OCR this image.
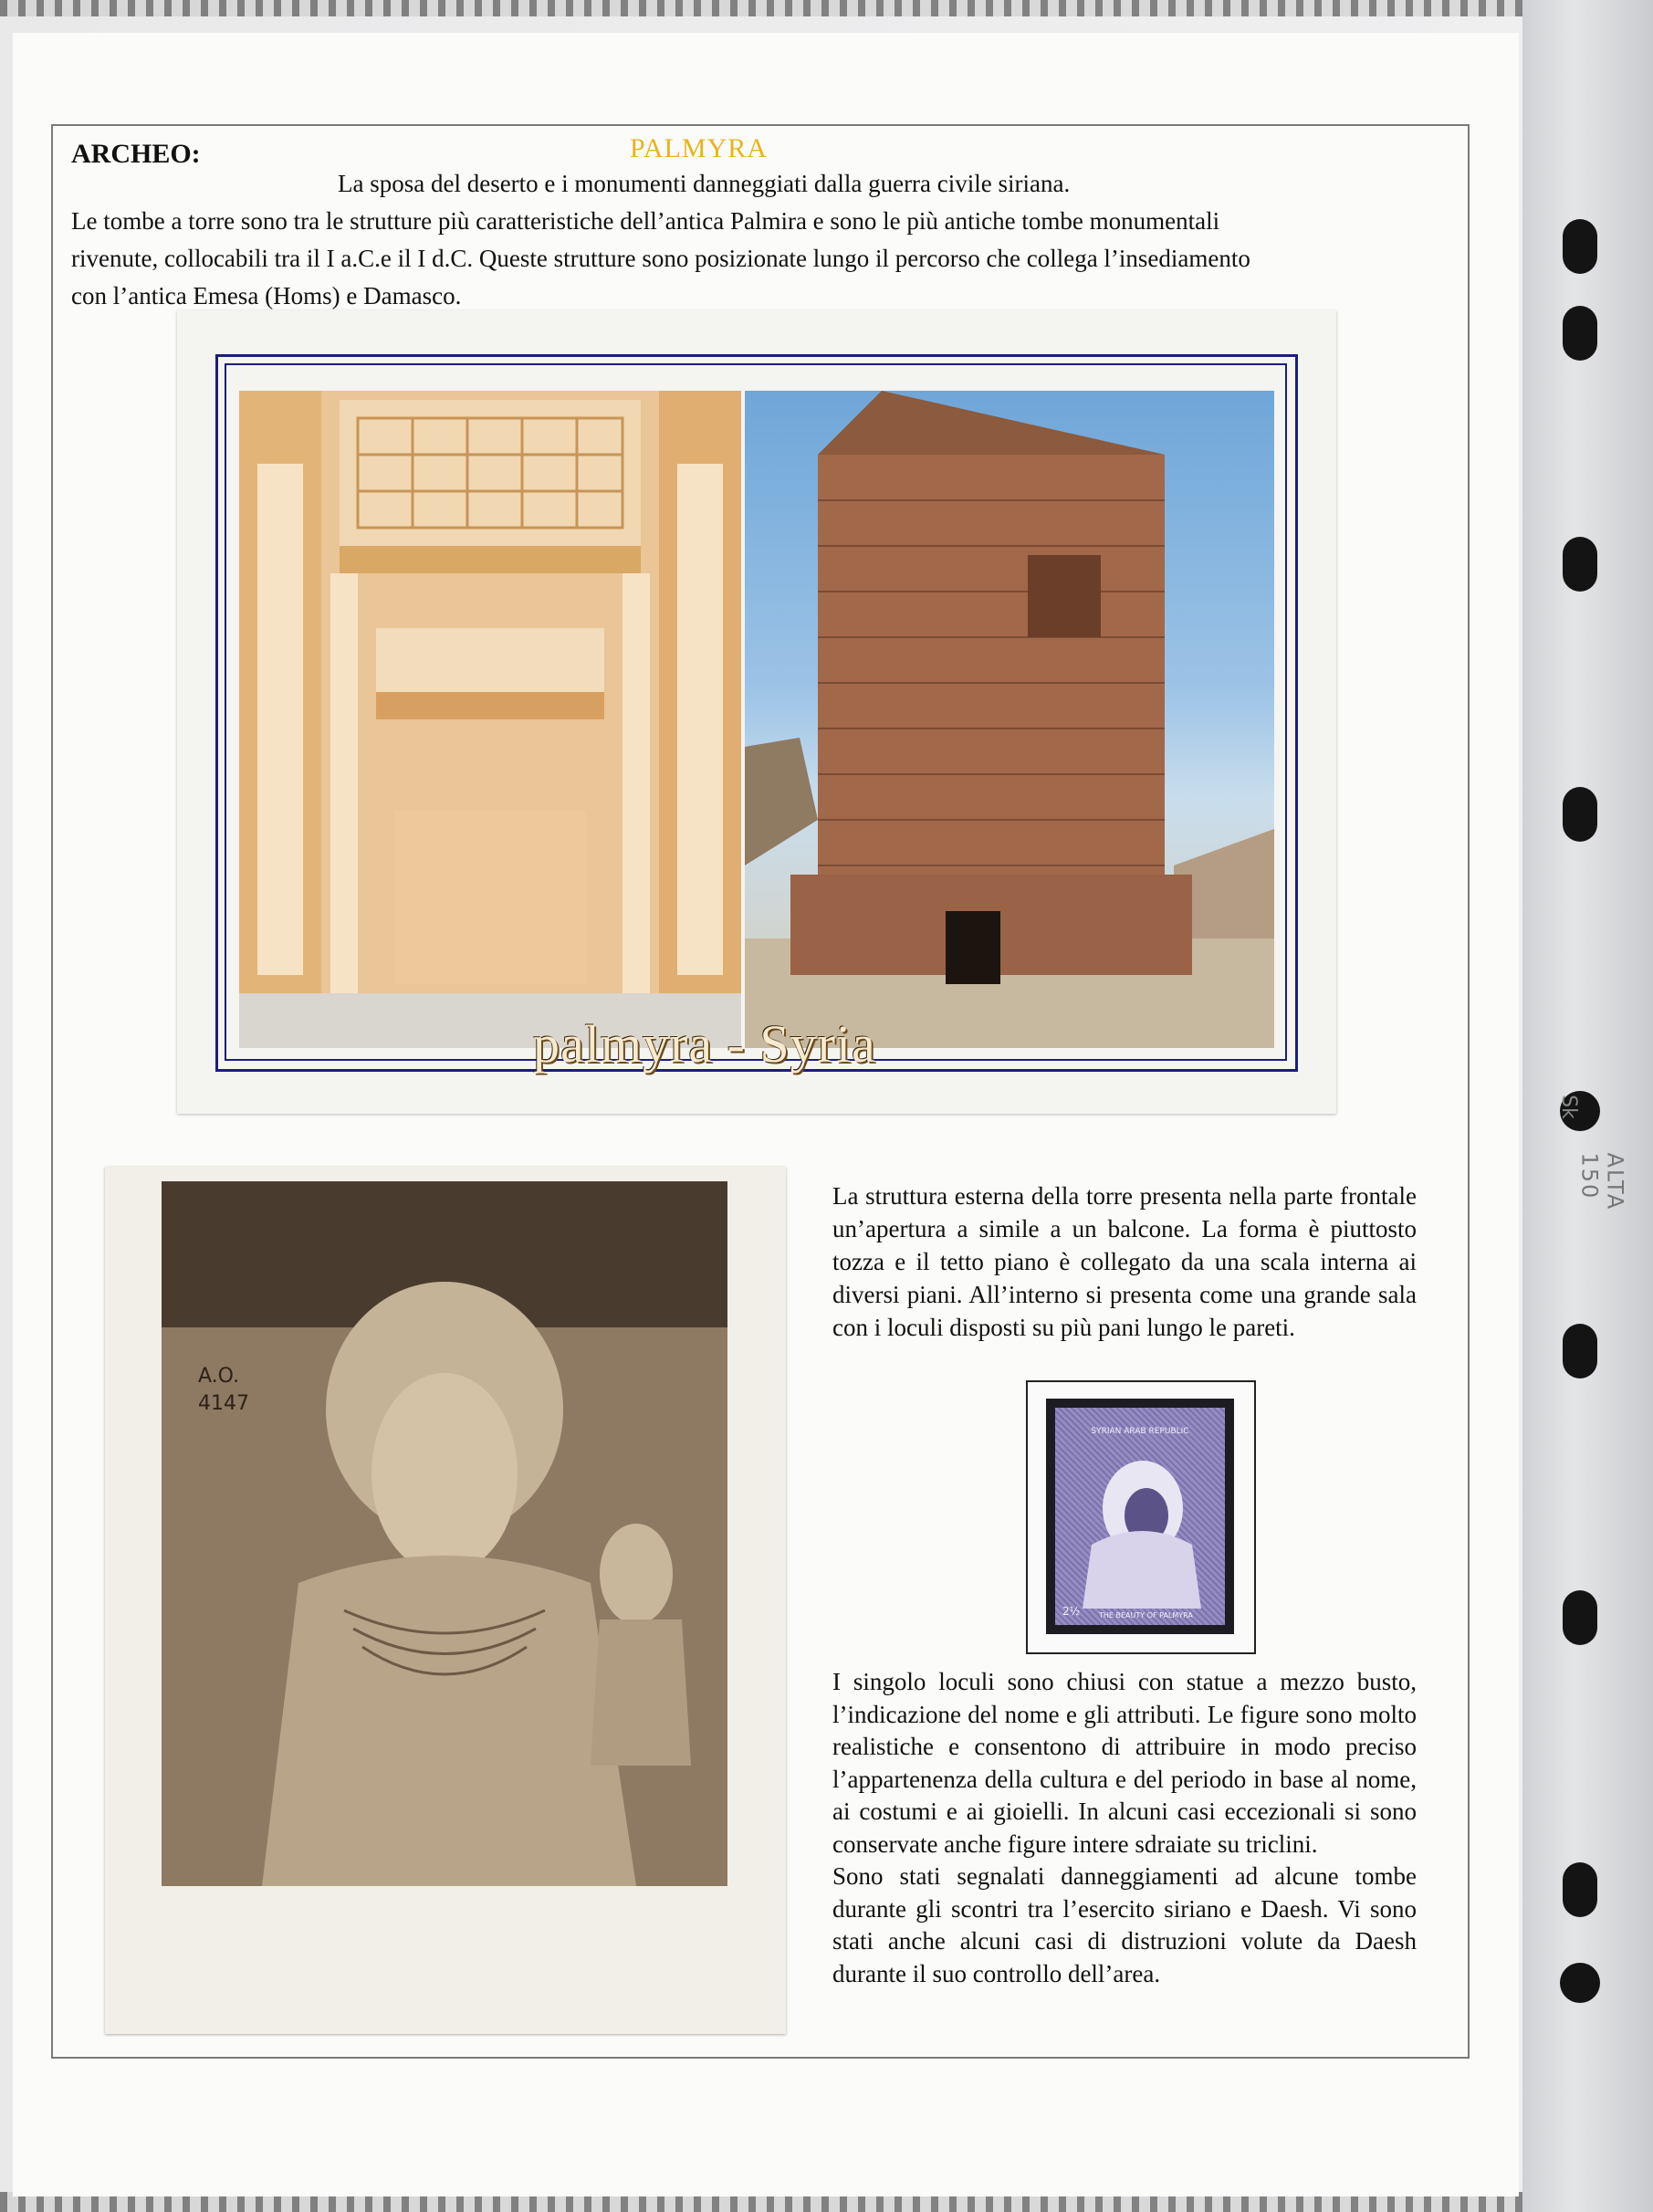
Sk
ALTA 150
ARCHEO:	PALMYRA
La sposa del deserto e i monumenti danneggiati dalla guerra civile siriana.
Le tombe a torre sono tra le strutture più caratteristiche dell’antica Palmira e sono le più antiche tombe monumentali
rivenute, collocabili tra il I a.C.e il I d.C. Queste strutture sono posizionate lungo il percorso che collega l’insediamento
con l’antica Emesa (Homs) e Damasco.
palmyra - Syria
A.O.
4147
La struttura esterna della torre presenta nella parte frontale un’apertura a simile a un balcone. La forma è piuttosto tozza e il tetto piano è collegato da una scala interna ai diversi piani. All’interno si presenta come una grande sala con i loculi disposti su più pani lungo le pareti.
SYRIAN ARAB REPUBLIC
2½	THE BEAUTY OF PALMYRA
I singolo loculi sono chiusi con statue a mezzo busto, l’indicazione del nome e gli attributi. Le figure sono molto realistiche e consentono di attribuire in modo preciso l’appartenenza della cultura e del periodo in base al nome, ai costumi e ai gioielli. In alcuni casi eccezionali si sono conservate anche figure intere sdraiate su triclini.
Sono stati segnalati danneggiamenti ad alcune tombe durante gli scontri tra l’esercito siriano e Daesh. Vi sono stati anche alcuni casi di distruzioni volute da Daesh durante il suo controllo dell’area.
